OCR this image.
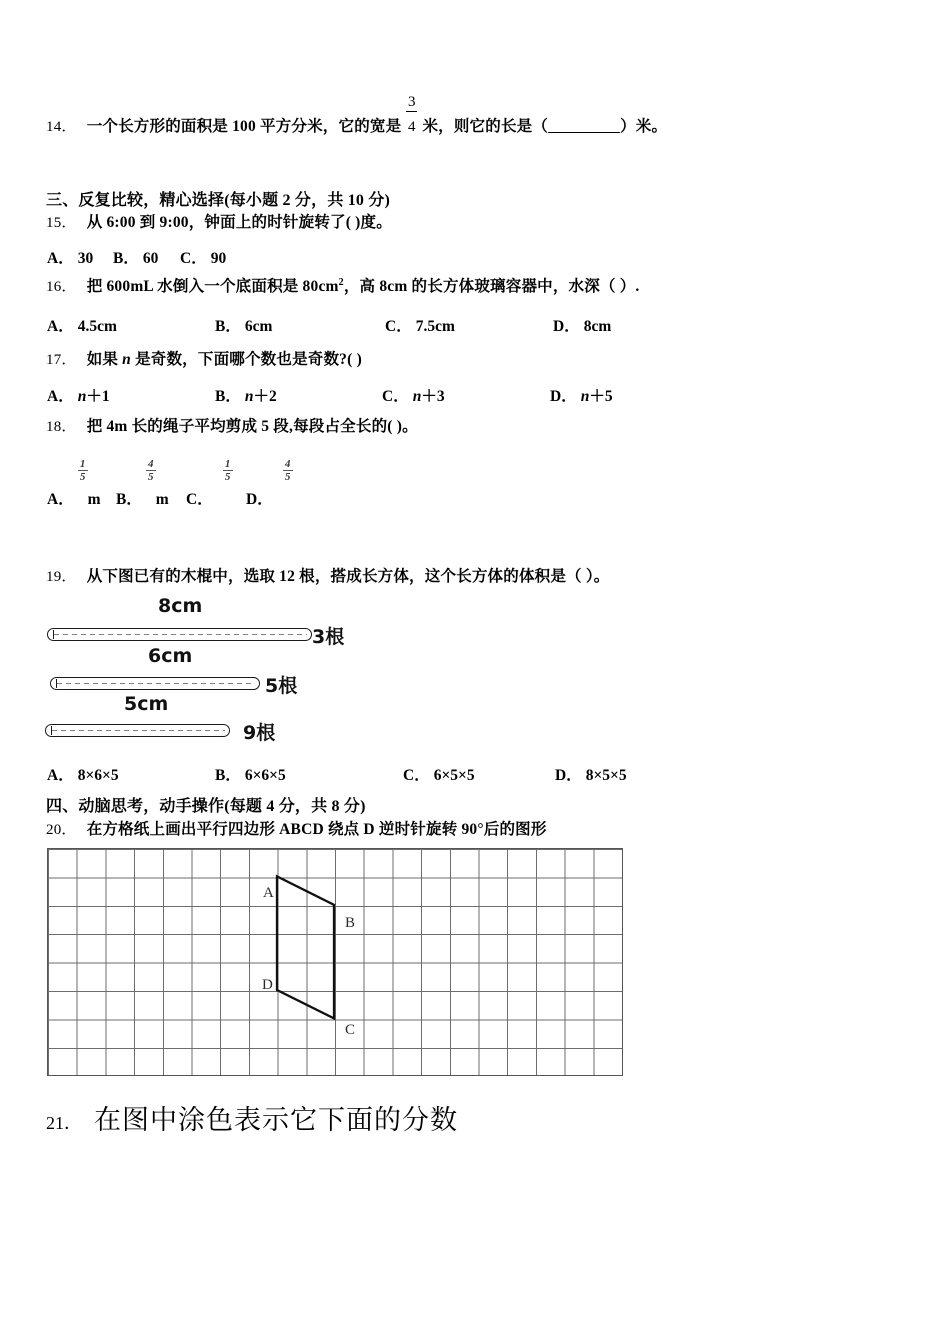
14． 一个长方形的面积是 100 平方分米，它的宽是 $\frac{3}{4}$ 米，则它的长是（	）米。
三、反复比较，精心选择(每小题 2 分，共 10 分)
15． 从 6:00 到 9:00，钟面上的时针旋转了( )度。
A． 30 B． 60 C． 90
16． 把 600mL 水倒入一个底面积是 $80cm^2$，高 8cm 的长方体玻璃容器中，水深（ ）.
A． 4.5cm	B． 6cm	C． 7.5cm	D． 8cm
17． 如果 n 是奇数，下面哪个数也是奇数?( )
A． n＋1	B． n＋2	C． n＋3	D． n＋5
18． 把 4m 长的绳子平均剪成 5 段,每段占全长的( )。
A． $\frac{1}{5}$ m B． $\frac{4}{5}$ m C． $\frac{1}{5}$ D． $\frac{4}{5}$
19． 从下图已有的木棍中，选取 12 根，搭成长方体，这个长方体的体积是（ ）。
8cm
3根
6cm
5根
5cm
9根
A． 8×6×5	B． 6×6×5	C． 6×5×5	D． 8×5×5
四、动脑思考，动手操作(每题 4 分，共 8 分)
20． 在方格纸上画出平行四边形 ABCD 绕点 D 逆时针旋转 90°后的图形
A
B
C
D
21． 在图中涂色表示它下面的分数
